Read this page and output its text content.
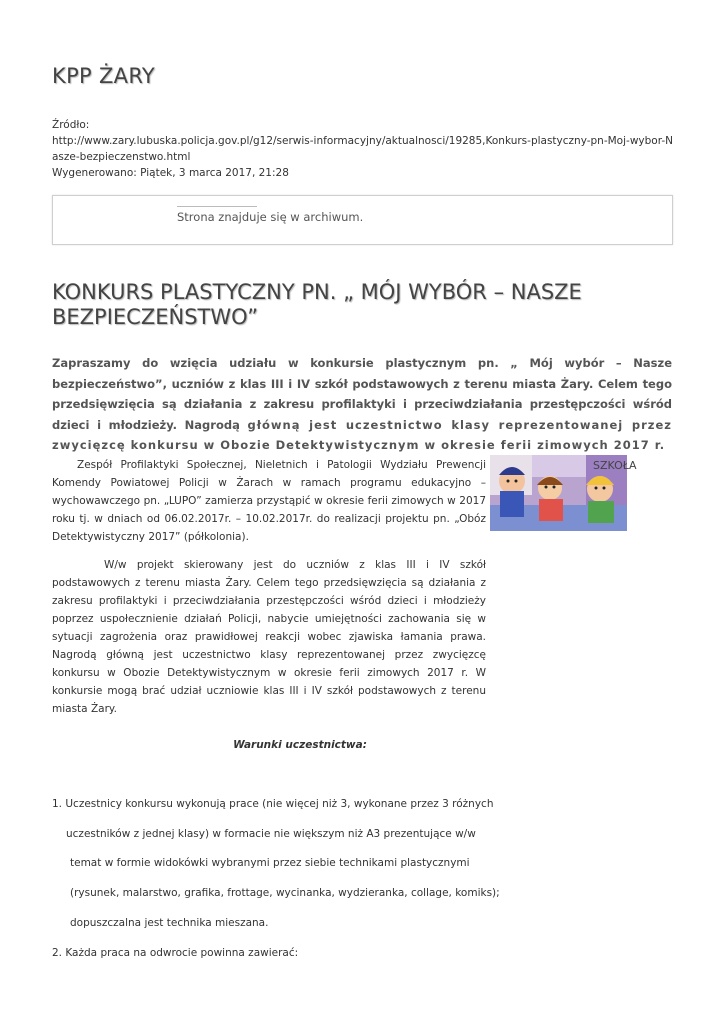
KPP ŻARY
Źródło:
http://www.zary.lubuska.policja.gov.pl/g12/serwis-informacyjny/aktualnosci/19285,Konkurs-plastyczny-pn-Moj-wybor-Nasze-bezpieczenstwo.html
Wygenerowano: Piątek, 3 marca 2017, 21:28
Strona znajduje się w archiwum.
KONKURS PLASTYCZNY PN. „ MÓJ WYBÓR – NASZE BEZPIECZEŃSTWO”

Zapraszamy do wzięcia udziału w konkursie plastycznym pn. „ Mój wybór – Nasze bezpieczeństwo”, uczniów z klas III i IV szkół podstawowych z terenu miasta Żary. Celem tego przedsięwzięcia są działania z zakresu profilaktyki i przeciwdziałania przestępczości wśród dzieci i młodzieży. Nagrodą główną jest uczestnictwo klasy reprezentowanej przez zwycięzcę konkursu w Obozie Detektywistycznym w okresie ferii zimowych 2017 r.

SZKOŁA

Zespół Profilaktyki Społecznej, Nieletnich i Patologii Wydziału Prewencji Komendy Powiatowej Policji w Żarach w ramach programu edukacyjno – wychowawczego pn. „LUPO” zamierza przystąpić w okresie ferii zimowych w 2017 roku tj. w dniach od 06.02.2017r. – 10.02.2017r. do realizacji projektu pn. „Obóz Detektywistyczny 2017” (półkolonia).

W/w projekt skierowany jest do uczniów z klas III i IV szkół podstawowych z terenu miasta Żary. Celem tego przedsięwzięcia są działania z zakresu profilaktyki i przeciwdziałania przestępczości wśród dzieci i młodzieży poprzez uspołecznienie działań Policji, nabycie umiejętności zachowania się w sytuacji zagrożenia oraz prawidłowej reakcji wobec zjawiska łamania prawa. Nagrodą główną jest uczestnictwo klasy reprezentowanej przez zwycięzcę konkursu w Obozie Detektywistycznym w okresie ferii zimowych 2017 r. W konkursie mogą brać udział uczniowie klas III i IV szkół podstawowych z terenu miasta Żary.

Warunki uczestnictwa:

1. Uczestnicy konkursu wykonują prace (nie więcej niż 3, wykonane przez 3 różnych

uczestników z jednej klasy) w formacie nie większym niż A3 prezentujące w/w

temat w formie widokówki wybranymi przez siebie technikami plastycznymi

(rysunek, malarstwo, grafika, frottage, wycinanka, wydzieranka, collage, komiks);

dopuszczalna jest technika mieszana.

2. Każda praca na odwrocie powinna zawierać:
